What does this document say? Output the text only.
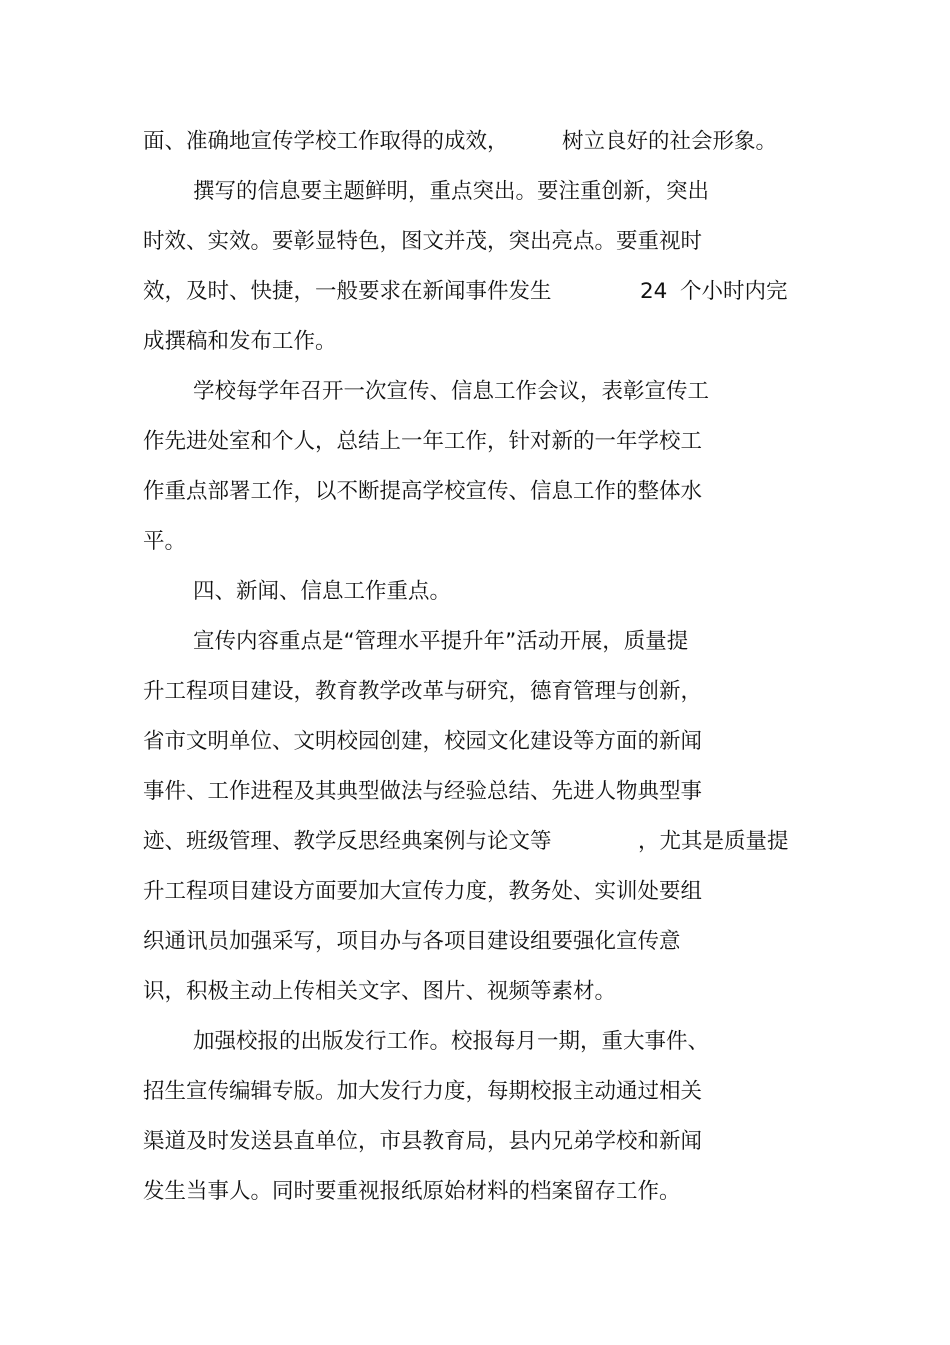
面、准确地宣传学校工作取得的成效， 树立良好的社会形象。
撰写的信息要主题鲜明，重点突出。要注重创新，突出
时效、实效。要彰显特色，图文并茂，突出亮点。要重视时
效，及时、快捷，一般要求在新闻事件发生	24 个小时内完
成撰稿和发布工作。
学校每学年召开一次宣传、信息工作会议，表彰宣传工
作先进处室和个人，总结上一年工作，针对新的一年学校工
作重点部署工作，以不断提高学校宣传、信息工作的整体水
平。
四、新闻、信息工作重点。
宣传内容重点是“管理水平提升年”活动开展，质量提
升工程项目建设，教育教学改革与研究，德育管理与创新，
省市文明单位、文明校园创建，校园文化建设等方面的新闻
事件、工作进程及其典型做法与经验总结、先进人物典型事
迹、班级管理、教学反思经典案例与论文等	，尤其是质量提
升工程项目建设方面要加大宣传力度，教务处、实训处要组
织通讯员加强采写，项目办与各项目建设组要强化宣传意
识，积极主动上传相关文字、图片、视频等素材。
加强校报的出版发行工作。校报每月一期，重大事件、
招生宣传编辑专版。加大发行力度，每期校报主动通过相关
渠道及时发送县直单位，市县教育局，县内兄弟学校和新闻
发生当事人。同时要重视报纸原始材料的档案留存工作。
